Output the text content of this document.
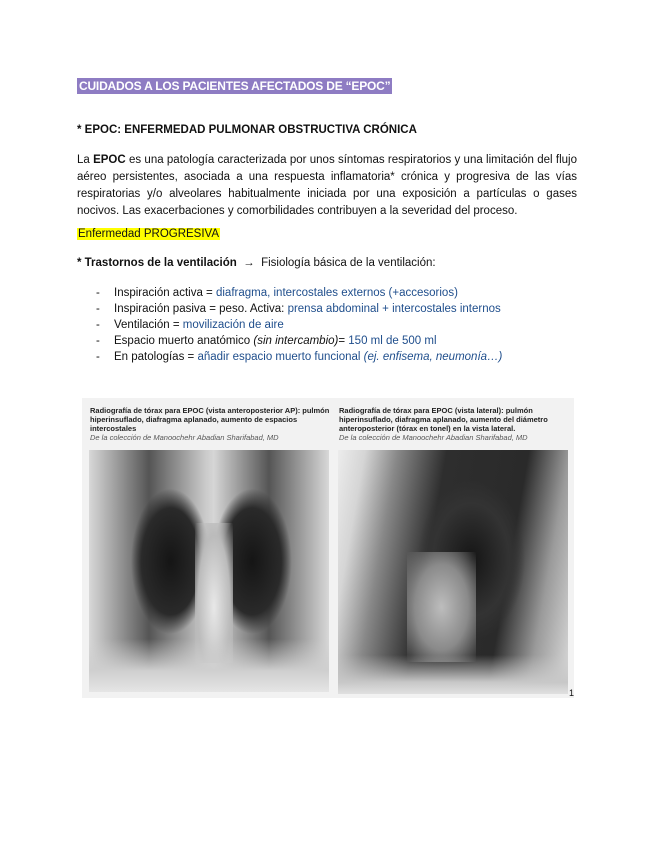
CUIDADOS A LOS PACIENTES AFECTADOS DE “EPOC”
* EPOC: ENFERMEDAD PULMONAR OBSTRUCTIVA CRÓNICA

La EPOC es una patología caracterizada por unos síntomas respiratorios y una limitación del flujo aéreo persistentes, asociada a una respuesta inflamatoria* crónica y progresiva de las vías respiratorias y/o alveolares habitualmente iniciada por una exposición a partículas o gases nocivos. Las exacerbaciones y comorbilidades contribuyen a la severidad del proceso.

Enfermedad PROGRESIVA
* Trastornos de la ventilación → Fisiología básica de la ventilación:
- Inspiración activa = diafragma, intercostales externos (+accesorios)
- Inspiración pasiva = peso. Activa: prensa abdominal + intercostales internos
- Ventilación = movilización de aire
- Espacio muerto anatómico (sin intercambio)= 150 ml de 500 ml
- En patologías = añadir espacio muerto funcional (ej. enfisema, neumonía…)
Radiografía de tórax para EPOC (vista anteroposterior AP): pulmón hiperinsuflado, diafragma aplanado, aumento de espacios intercostales
De la colección de Manoochehr Abadian Sharifabad, MD
Radiografía de tórax para EPOC (vista lateral): pulmón hiperinsuflado, diafragma aplanado, aumento del diámetro anteroposterior (tórax en tonel) en la vista lateral.
De la colección de Manoochehr Abadian Sharifabad, MD
1
